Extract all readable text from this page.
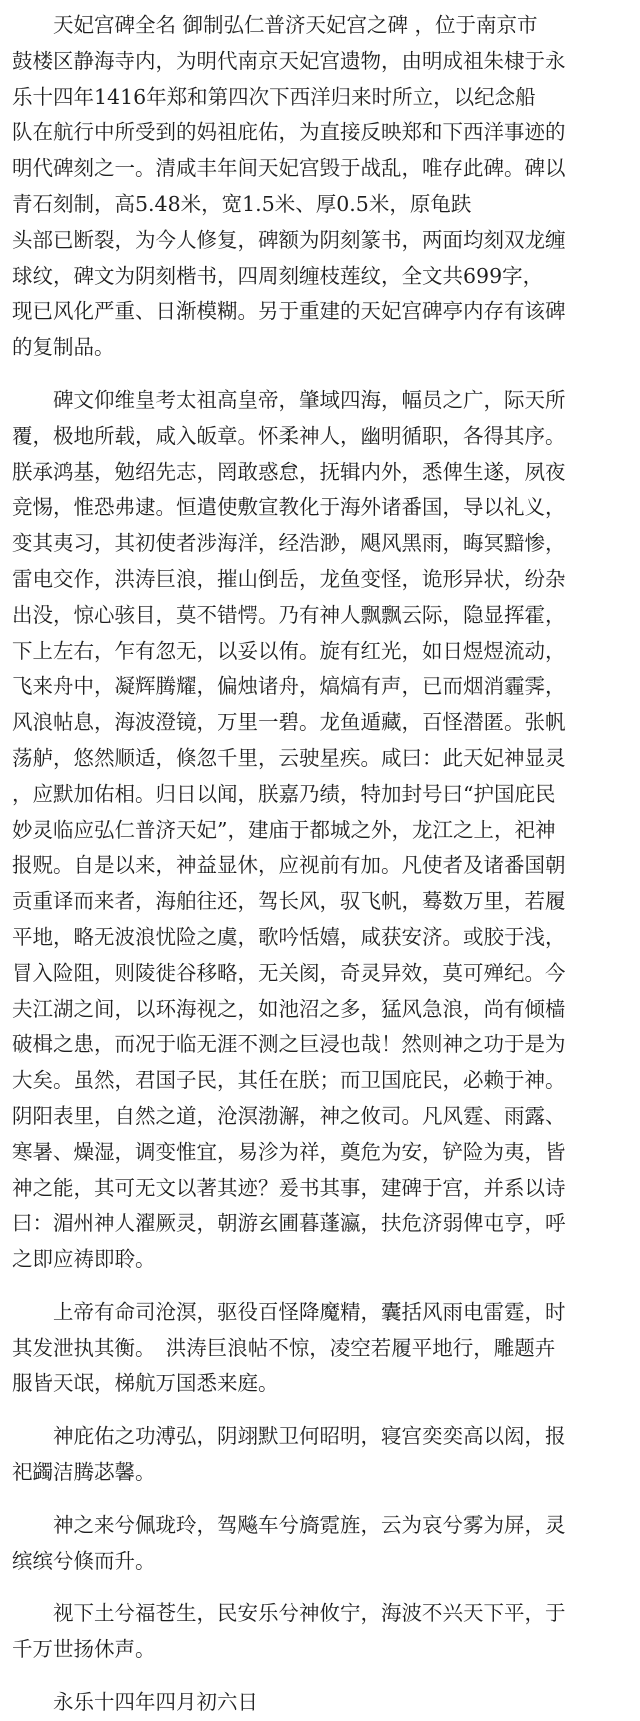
天妃宫碑全名 御制弘仁普济天妃宫之碑 ，位于南京市
鼓楼区静海寺内，为明代南京天妃宫遗物，由明成祖朱棣于永
乐十四年1416年郑和第四次下西洋归来时所立，以纪念船
队在航行中所受到的妈祖庇佑，为直接反映郑和下西洋事迹的
明代碑刻之一。清咸丰年间天妃宫毁于战乱，唯存此碑。碑以
青石刻制，高5.48米，宽1.5米、厚0.5米，原龟趺
头部已断裂，为今人修复，碑额为阴刻篆书，两面均刻双龙缠
球纹，碑文为阴刻楷书，四周刻缠枝莲纹，全文共699字，
现已风化严重、日渐模糊。另于重建的天妃宫碑亭内存有该碑
的复制品。
碑文仰维皇考太祖高皇帝，肇域四海，幅员之广，际天所
覆，极地所载，咸入皈章。怀柔神人，幽明循职，各得其序。
朕承鸿基，勉绍先志，罔敢惑怠，抚辑内外，悉俾生遂，夙夜
竞惕，惟恐弗逮。恒遣使敷宣教化于海外诸番国，导以礼义，
变其夷习，其初使者涉海洋，经浩渺，飓风黑雨，晦冥黯惨，
雷电交作，洪涛巨浪，摧山倒岳，龙鱼变怪，诡形异状，纷杂
出没，惊心骇目，莫不错愕。乃有神人飘飘云际，隐显挥霍，
下上左右，乍有忽无，以妥以侑。旋有红光，如日煜煜流动，
飞来舟中，凝辉腾耀，偏烛诸舟，熇熇有声，已而烟消霾霁，
风浪帖息，海波澄镜，万里一碧。龙鱼遁藏，百怪潜匿。张帆
荡舻，悠然顺适，倏忽千里，云驶星疾。咸曰：此天妃神显灵
，应默加佑相。归日以闻，朕嘉乃绩，特加封号曰“护国庇民
妙灵临应弘仁普济天妃”，建庙于都城之外，龙江之上，祀神
报贶。自是以来，神益显休，应视前有加。凡使者及诸番国朝
贡重译而来者，海舶往还，驾长风，驭飞帆，蓦数万里，若履
平地，略无波浪忧险之虞，歌吟恬嬉，咸获安济。或胶于浅，
冒入险阻，则陵徙谷移略，无关阂，奇灵异效，莫可殚纪。今
夫江湖之间，以环海视之，如池沼之多，猛风急浪，尚有倾樯
破楫之患，而况于临无涯不测之巨浸也哉！然则神之功于是为
大矣。虽然，君国子民，其任在朕；而卫国庇民，必赖于神。
阴阳表里，自然之道，沧溟渤澥，神之攸司。凡风霆、雨露、
寒暑、燥湿，调变惟宜，易沴为祥，奠危为安，铲险为夷，皆
神之能，其可无文以著其迹？爰书其事，建碑于宫，并系以诗
曰：湄州神人濯厥灵，朝游玄圃暮蓬瀛，扶危济弱俾屯亨，呼
之即应祷即聆。
上帝有命司沧溟，驱役百怪降魔精，囊括风雨电雷霆，时
其发泄执其衡。　洪涛巨浪帖不惊，凌空若履平地行，雕题卉
服皆天氓，梯航万国悉来庭。
神庇佑之功溥弘，阴翊默卫何昭明，寝宫奕奕高以闳，报
祀蠲洁腾苾馨。
神之来兮佩珑玲，驾飚车兮旖霓旌，云为哀兮雾为屏，灵
缤缤兮倏而升。
视下土兮福苍生，民安乐兮神攸宁，海波不兴天下平，于
千万世扬休声。

永乐十四年四月初六日
